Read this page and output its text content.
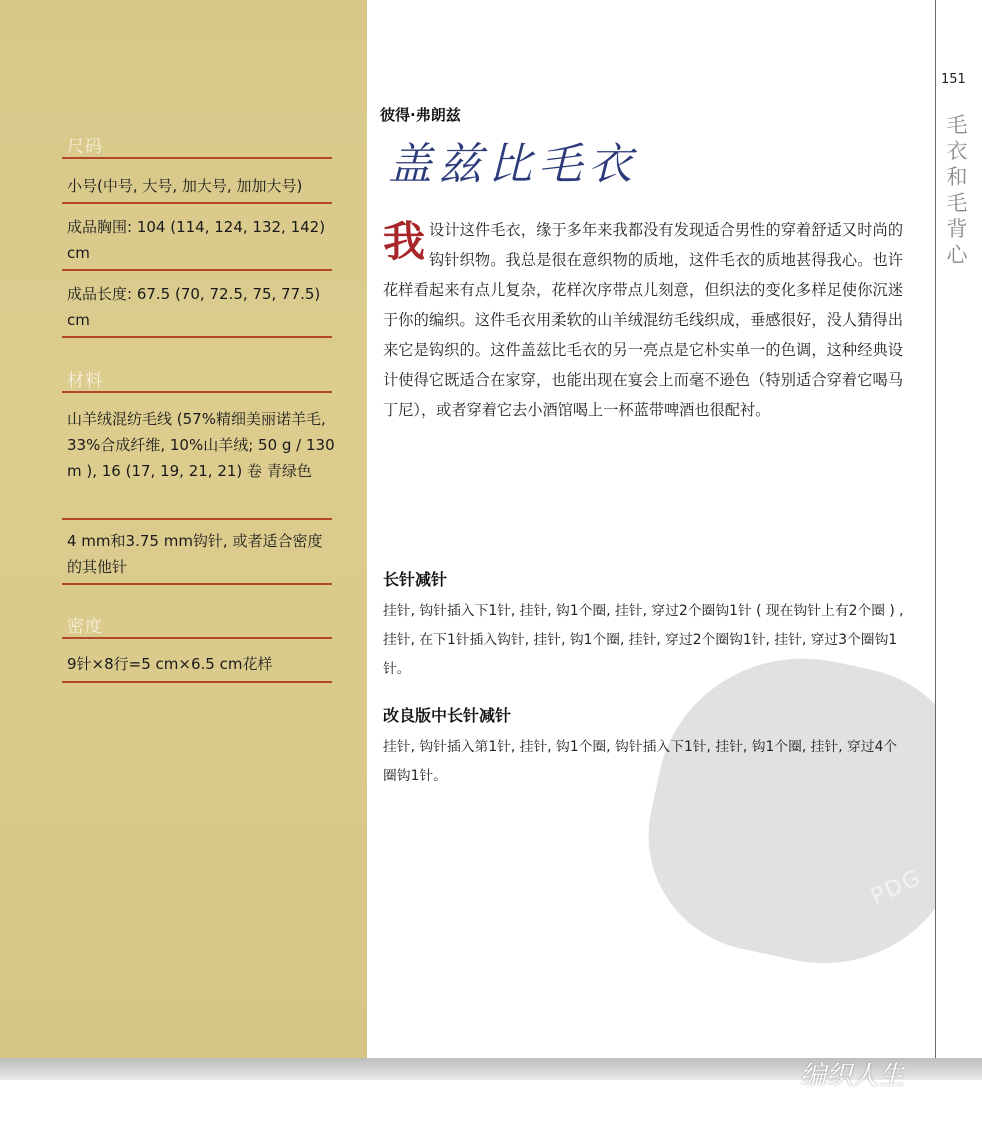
尺码
小号(中号, 大号, 加大号, 加加大号)
成品胸围: 104 (114, 124, 132, 142) cm
成品长度: 67.5 (70, 72.5, 75, 77.5) cm
材料
山羊绒混纺毛线 (57%精细美丽诺羊毛, 33%合成纤维, 10%山羊绒; 50 g / 130 m ), 16 (17, 19, 21, 21) 卷 青绿色
4 mm和3.75 mm钩针, 或者适合密度的其他针
密度
9针×8行=5 cm×6.5 cm花样
PDG
151
毛
衣
和
毛
背
心
彼得·弗朗兹
盖兹比毛衣
我 设计这件毛衣，缘于多年来我都没有发现适合男性的穿着舒适又时尚的钩针织物。我总是很在意织物的质地，这件毛衣的质地甚得我心。也许花样看起来有点儿复杂，花样次序带点儿刻意，但织法的变化多样足使你沉迷于你的编织。这件毛衣用柔软的山羊绒混纺毛线织成，垂感很好，没人猜得出来它是钩织的。这件盖兹比毛衣的另一亮点是它朴实单一的色调，这种经典设计使得它既适合在家穿，也能出现在宴会上而毫不逊色（特别适合穿着它喝马丁尼），或者穿着它去小酒馆喝上一杯蓝带啤酒也很配衬。
长针减针
挂针, 钩针插入下1针, 挂针, 钩1个圈, 挂针, 穿过2个圈钩1针 ( 现在钩针上有2个圈 ) , 挂针, 在下1针插入钩针, 挂针, 钩1个圈, 挂针, 穿过2个圈钩1针, 挂针, 穿过3个圈钩1针。
改良版中长针减针
挂针, 钩针插入第1针, 挂针, 钩1个圈, 钩针插入下1针, 挂针, 钩1个圈, 挂针, 穿过4个圈钩1针。
编织人生
